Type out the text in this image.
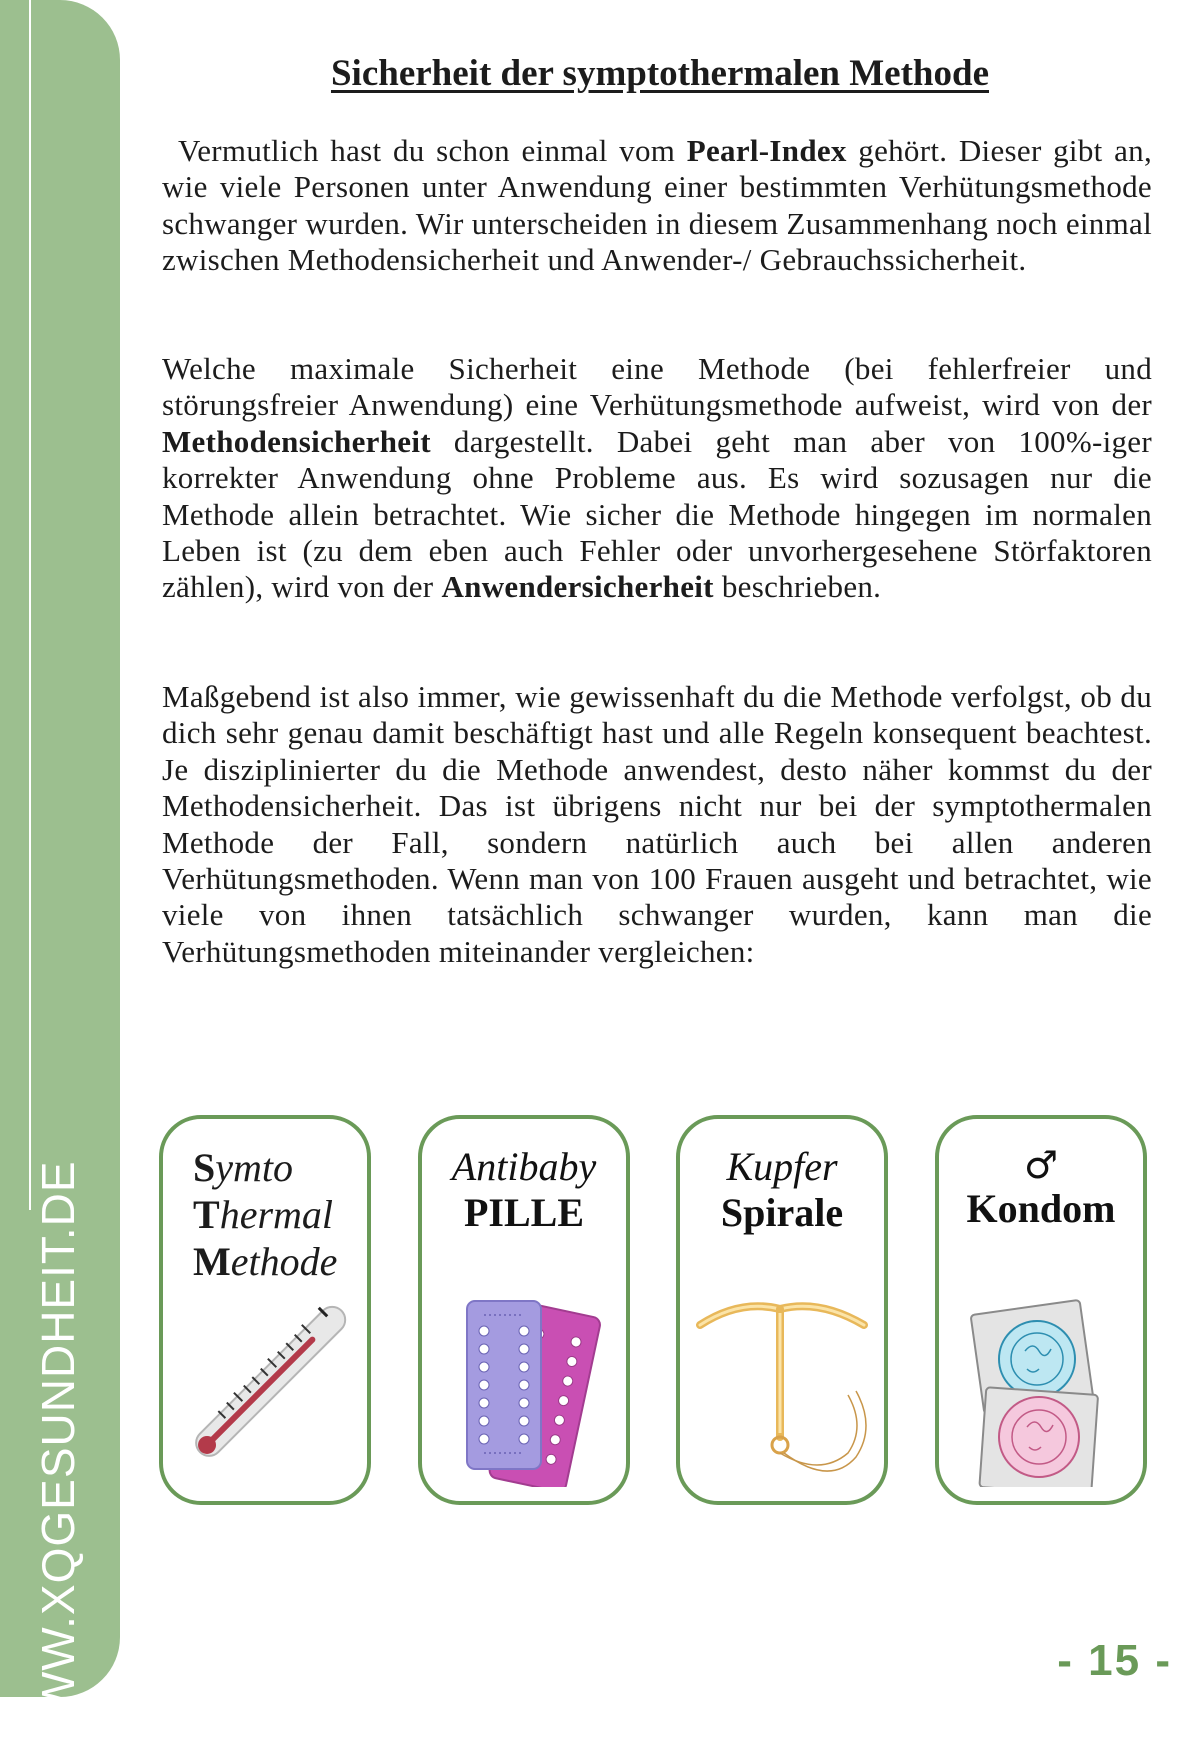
WWW.XQGESUNDHEIT.DE
Sicherheit der symptothermalen Methode

Vermutlich hast du schon einmal vom Pearl-Index gehört. Dieser gibt an, wie viele Personen unter Anwendung einer bestimmten Verhütungsmethode schwanger wurden. Wir unterscheiden in diesem Zusammenhang noch einmal zwischen Methodensicherheit und Anwender-/ Gebrauchssicherheit.

Welche maximale Sicherheit eine Methode (bei fehlerfreier und störungsfreier Anwendung) eine Verhütungsmethode aufweist, wird von der Methodensicherheit dargestellt. Dabei geht man aber von 100%-iger korrekter Anwendung ohne Probleme aus. Es wird sozusagen nur die Methode allein betrachtet. Wie sicher die Methode hingegen im normalen Leben ist (zu dem eben auch Fehler oder unvorhergesehene Störfaktoren zählen), wird von der Anwendersicherheit beschrieben.

Maßgebend ist also immer, wie gewissenhaft du die Methode verfolgst, ob du dich sehr genau damit beschäftigt hast und alle Regeln konsequent beachtest. Je disziplinierter du die Methode anwendest, desto näher kommst du der Methodensicherheit. Das ist übrigens nicht nur bei der symptothermalen Methode der Fall, sondern natürlich auch bei allen anderen Verhütungsmethoden. Wenn man von 100 Frauen ausgeht und betrachtet, wie viele von ihnen tatsächlich schwanger wurden, kann man die Verhütungsmethoden miteinander vergleichen:

Symto
Thermal
Methode
Antibaby
PILLE
Kupfer
Spirale
♂
Kondom
- 15 -
